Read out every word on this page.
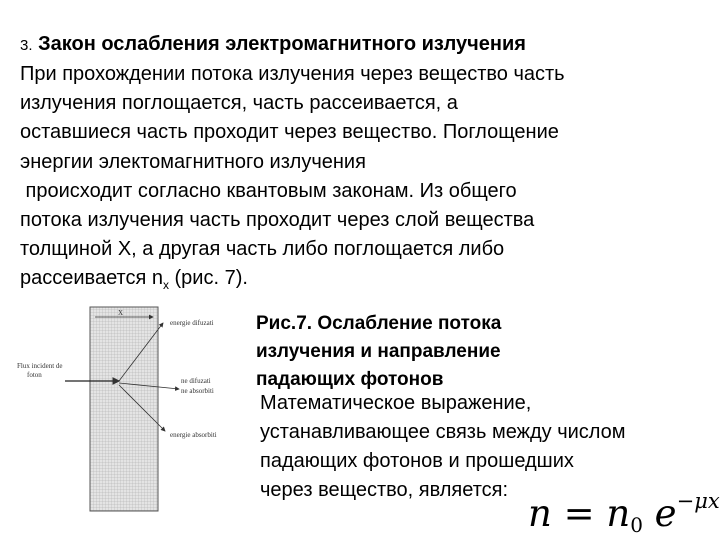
3. Закон ослабления электромагнитного излучения
При прохождении потока излучения через вещество часть
излучения поглощается, часть рассеивается, а
оставшиеся часть проходит через вещество. Поглощение
энергии электомагнитного излучения
происходит согласно квантовым законам. Из общего
потока излучения часть проходит через слой вещества
толщиной Х, а другая часть либо поглощается либо
рассеивается $n_x$ (рис. 7).
X
Flux incident de
foton
energie difuzati
ne difuzati
ne absorbiti
energie absorbiti
Рис.7. Ослабление потока
излучения и направление
падающих фотонов
Математическое выражение,
устанавливающее связь между числом
падающих фотонов и прошедших
через вещество, является:
$n = n_0$ $e^{-\mu x}$
